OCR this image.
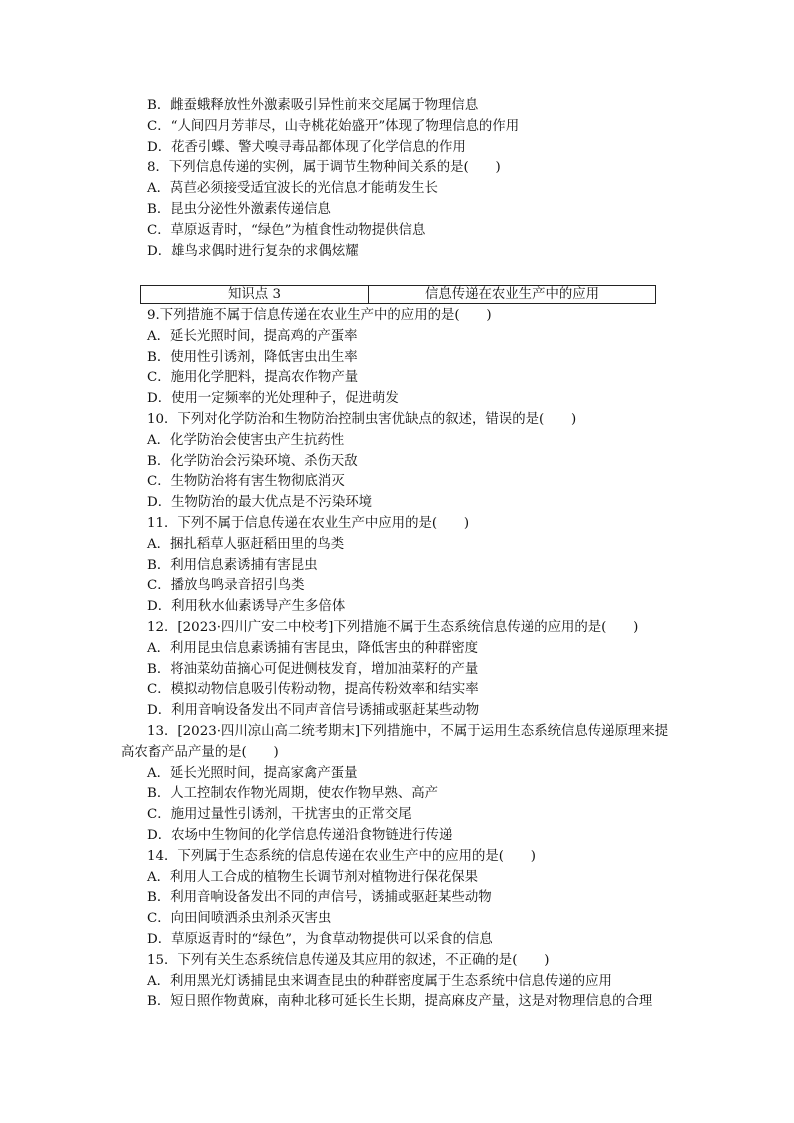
B．雌蚕蛾释放性外激素吸引异性前来交尾属于物理信息
C．“人间四月芳菲尽，山寺桃花始盛开”体现了物理信息的作用
D．花香引蝶、警犬嗅寻毒品都体现了化学信息的作用
8．下列信息传递的实例，属于调节生物种间关系的是(　　)
A．莴苣必须接受适宜波长的光信息才能萌发生长
B．昆虫分泌性外激素传递信息
C．草原返青时，“绿色”为植食性动物提供信息
D．雄鸟求偶时进行复杂的求偶炫耀
知识点 3	信息传递在农业生产中的应用
9.下列措施不属于信息传递在农业生产中的应用的是(　　)
A．延长光照时间，提高鸡的产蛋率
B．使用性引诱剂，降低害虫出生率
C．施用化学肥料，提高农作物产量
D．使用一定频率的光处理种子，促进萌发
10．下列对化学防治和生物防治控制虫害优缺点的叙述，错误的是(　　)
A．化学防治会使害虫产生抗药性
B．化学防治会污染环境、杀伤天敌
C．生物防治将有害生物彻底消灭
D．生物防治的最大优点是不污染环境
11．下列不属于信息传递在农业生产中应用的是(　　)
A．捆扎稻草人驱赶稻田里的鸟类
B．利用信息素诱捕有害昆虫
C．播放鸟鸣录音招引鸟类
D．利用秋水仙素诱导产生多倍体
12．[2023·四川广安二中校考]下列措施不属于生态系统信息传递的应用的是(　　)
A．利用昆虫信息素诱捕有害昆虫，降低害虫的种群密度
B．将油菜幼苗摘心可促进侧枝发育，增加油菜籽的产量
C．模拟动物信息吸引传粉动物，提高传粉效率和结实率
D．利用音响设备发出不同声音信号诱捕或驱赶某些动物
13．[2023·四川凉山高二统考期末]下列措施中，不属于运用生态系统信息传递原理来提高农畜产品产量的是(　　)
A．延长光照时间，提高家禽产蛋量
B．人工控制农作物光周期，使农作物早熟、高产
C．施用过量性引诱剂，干扰害虫的正常交尾
D．农场中生物间的化学信息传递沿食物链进行传递
14．下列属于生态系统的信息传递在农业生产中的应用的是(　　)
A．利用人工合成的植物生长调节剂对植物进行保花保果
B．利用音响设备发出不同的声信号，诱捕或驱赶某些动物
C．向田间喷洒杀虫剂杀灭害虫
D．草原返青时的“绿色”，为食草动物提供可以采食的信息
15．下列有关生态系统信息传递及其应用的叙述，不正确的是(　　)
A．利用黑光灯诱捕昆虫来调查昆虫的种群密度属于生态系统中信息传递的应用
B．短日照作物黄麻，南种北移可延长生长期，提高麻皮产量，这是对物理信息的合理
